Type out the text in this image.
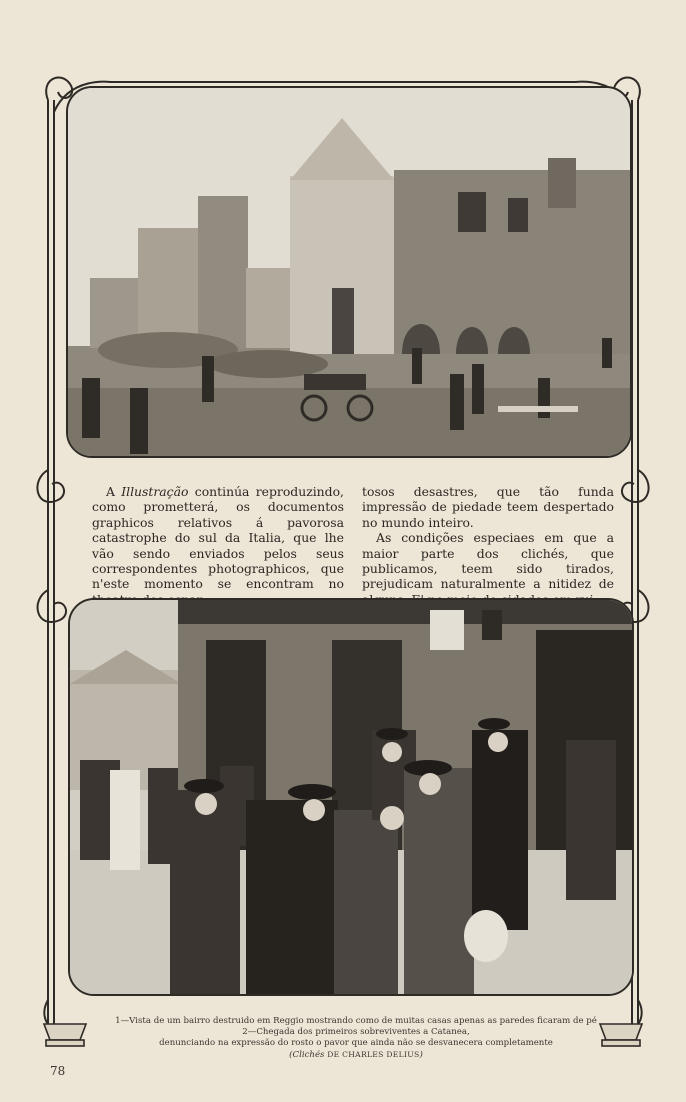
A Illustração continúa reproduzindo, como prometterá, os documentos graphicos relativos á pavorosa catastrophe do sul da Italia, que lhe vão sendo enviados pelos seus correspondentes photographicos, que n'este momento se encontram no

tosos desastres, que tão funda impressão de piedade teem despertado no mundo inteiro.

As condições especiaes em que a maior parte dos clichés, que publicamos, teem sido tirados, prejudicam naturalmente a nitidez de

1—Vista de um bairro destruido em Reggio mostrando como de muitas casas apenas as paredes ficaram de pé
2—Chegada dos primeiros sobreviventes a Catanea,
denunciando na expressão do rosto o pavor que ainda não se desvanecera completamente
(Clichés DE CHARLES DELIUS)
78
